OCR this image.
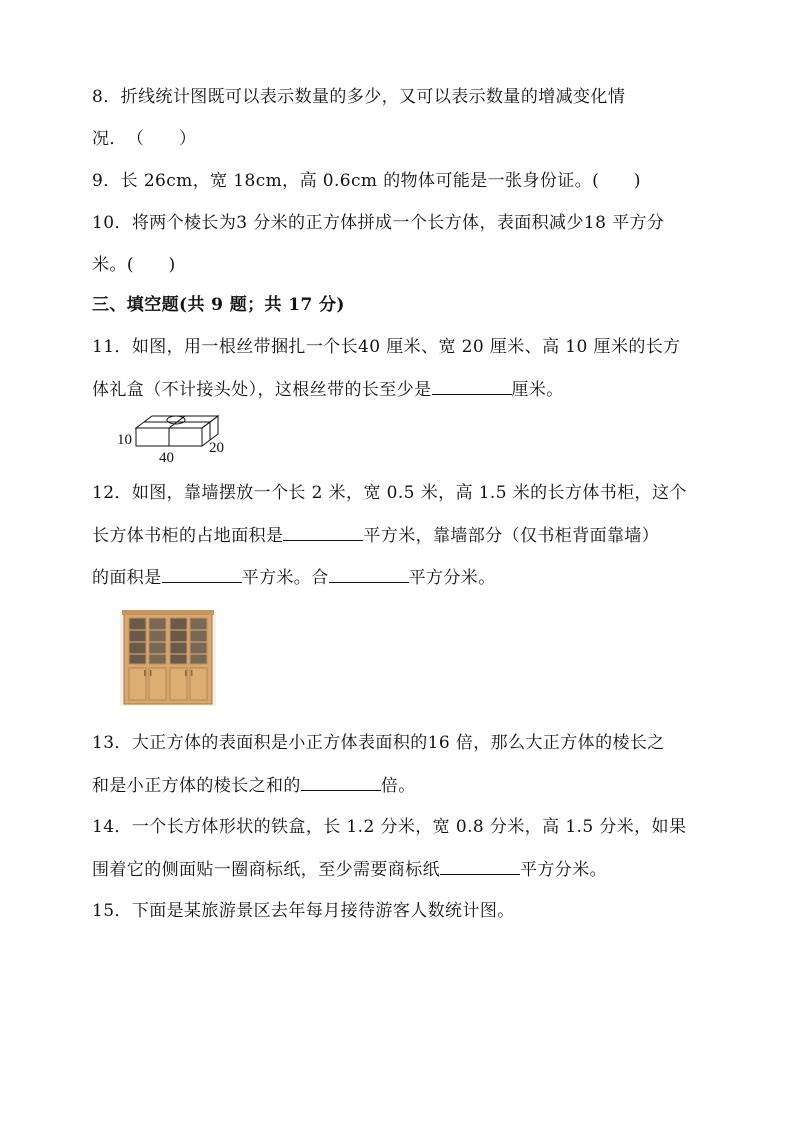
8．折线统计图既可以表示数量的多少，又可以表示数量的增减变化情
况．（　　）
9．长 26cm，宽 18cm，高 0.6cm 的物体可能是一张身份证。(　　)
10．将两个棱长为3 分米的正方体拼成一个长方体，表面积减少18 平方分
米。(　　)
三、填空题(共 9 题；共 17 分)
11．如图，用一根丝带捆扎一个长40 厘米、宽 20 厘米、高 10 厘米的长方
体礼盒（不计接头处），这根丝带的长至少是	厘米。
10
40
20
12．如图，靠墙摆放一个长 2 米，宽 0.5 米，高 1.5 米的长方体书柜，这个
长方体书柜的占地面积是	平方米，靠墙部分（仅书柜背面靠墙）
的面积是	平方米。合	平方分米。
13．大正方体的表面积是小正方体表面积的16 倍，那么大正方体的棱长之
和是小正方体的棱长之和的	倍。
14．一个长方体形状的铁盒，长 1.2 分米，宽 0.8 分米，高 1.5 分米，如果
围着它的侧面贴一圈商标纸，至少需要商标纸	平方分米。
15．下面是某旅游景区去年每月接待游客人数统计图。
